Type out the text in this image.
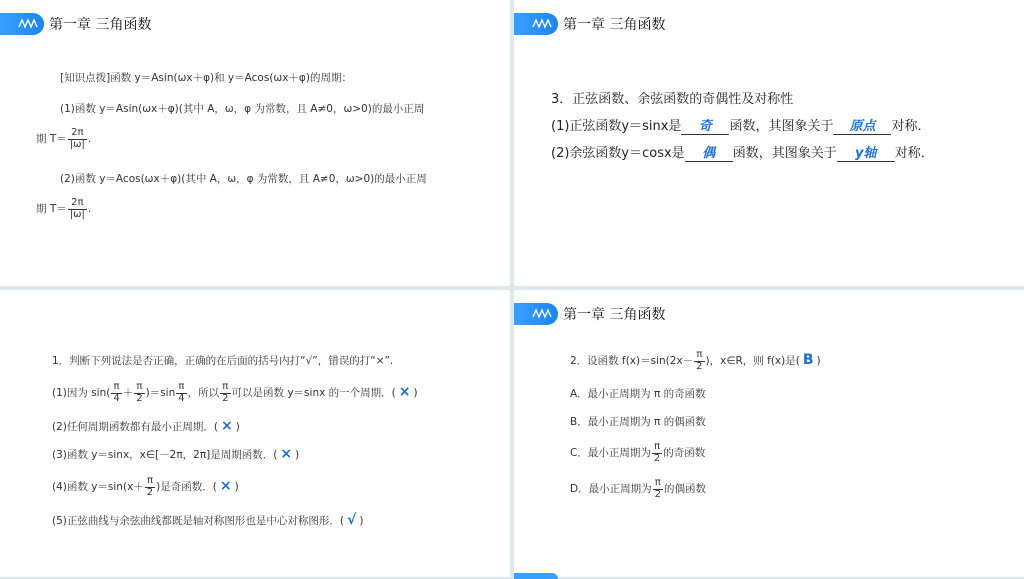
第一章 三角函数
[知识点拨]函数 y＝Asin(ωx＋φ)和 y＝Acos(ωx＋φ)的周期：
(1)函数 y＝Asin(ωx＋φ)(其中 A，ω，φ 为常数，且 A≠0，ω>0)的最小正周
期 $T= \frac{2\pi}{|\omega|}$ .
(2)函数 y＝Acos(ωx＋φ)(其中 A，ω，φ 为常数，且 A≠0，ω>0)的最小正周
期 $T= \frac{2\pi}{|\omega|}$ .
第一章 三角函数
3．正弦函数、余弦函数的奇偶性及对称性
(1)正弦函数y＝sinx是 奇 函数，其图象关于 原点 对称．
(2)余弦函数y＝cosx是 偶 函数，其图象关于 y轴 对称．
1．判断下列说法是否正确，正确的在后面的括号内打“√”，错误的打“×”.
(1)因为 $\sin( \frac{\pi}{4} + \frac{\pi}{2} )=\sin \frac{\pi}{4}$ ，所以 $\frac{\pi}{2}$ 可以是函数 y＝sinx 的一个周期．( × )
(2)任何周期函数都有最小正周期．( × )
(3)函数 y＝sinx，x∈[－2π，2π]是周期函数．( × )
(4)函数 $y=\sin(x+ \frac{\pi}{2}$ )是奇函数．( × )
(5)正弦曲线与余弦曲线都既是轴对称图形也是中心对称图形．( √ )
第一章 三角函数
2．设函数 $f(x)=\sin(2x- \frac{\pi}{2}$ )，x∈R，则 f(x)是( B )
A．最小正周期为 π 的奇函数
B．最小正周期为 π 的偶函数
C．最小正周期为 $\frac{\pi}{2}$ 的奇函数
D．最小正周期为 $\frac{\pi}{2}$ 的偶函数
